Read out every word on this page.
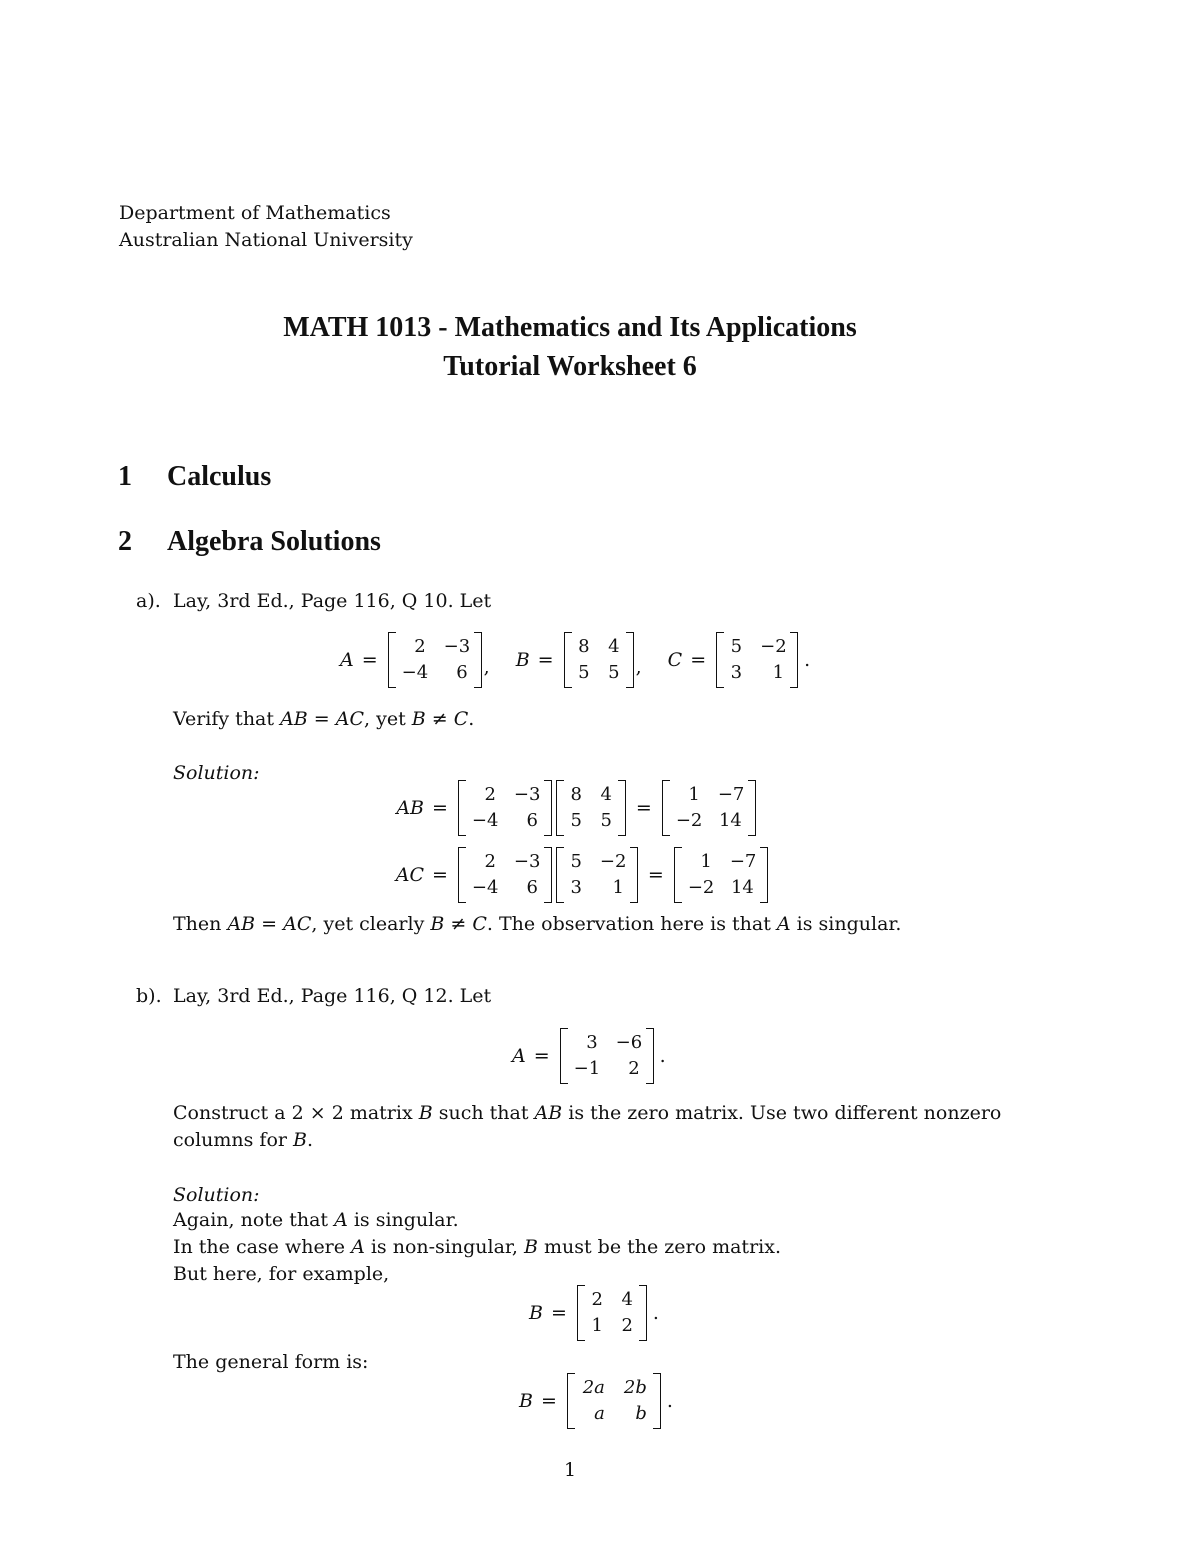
Department of Mathematics
Australian National University
MATH 1013 - Mathematics and Its Applications
Tutorial Worksheet 6
1 Calculus
2 Algebra Solutions
a). Lay, 3rd Ed., Page 116, Q 10. Let
A =
2 −3
−4	6 , B =
8 4
5 5 , C =
5 −2
3	1
.
Verify that AB = AC, yet B ≠ C.
Solution:
AB =
2 −3
−4	6
8 4
5 5
=
1 −7
−2 14
AC =
2 −3
−4	6
5 −2
3	1
=
1 −7
−2 14
Then AB = AC, yet clearly B ≠ C. The observation here is that A is singular.
b). Lay, 3rd Ed., Page 116, Q 12. Let
A =
3 −6
−1	2
.
Construct a 2 × 2 matrix B such that AB is the zero matrix. Use two different nonzero
columns for B.
Solution:
Again, note that A is singular.
In the case where A is non-singular, B must be the zero matrix.
But here, for example,
B =
2 4
1 2
.
The general form is:
B =
2a 2b
a	b
.
1
